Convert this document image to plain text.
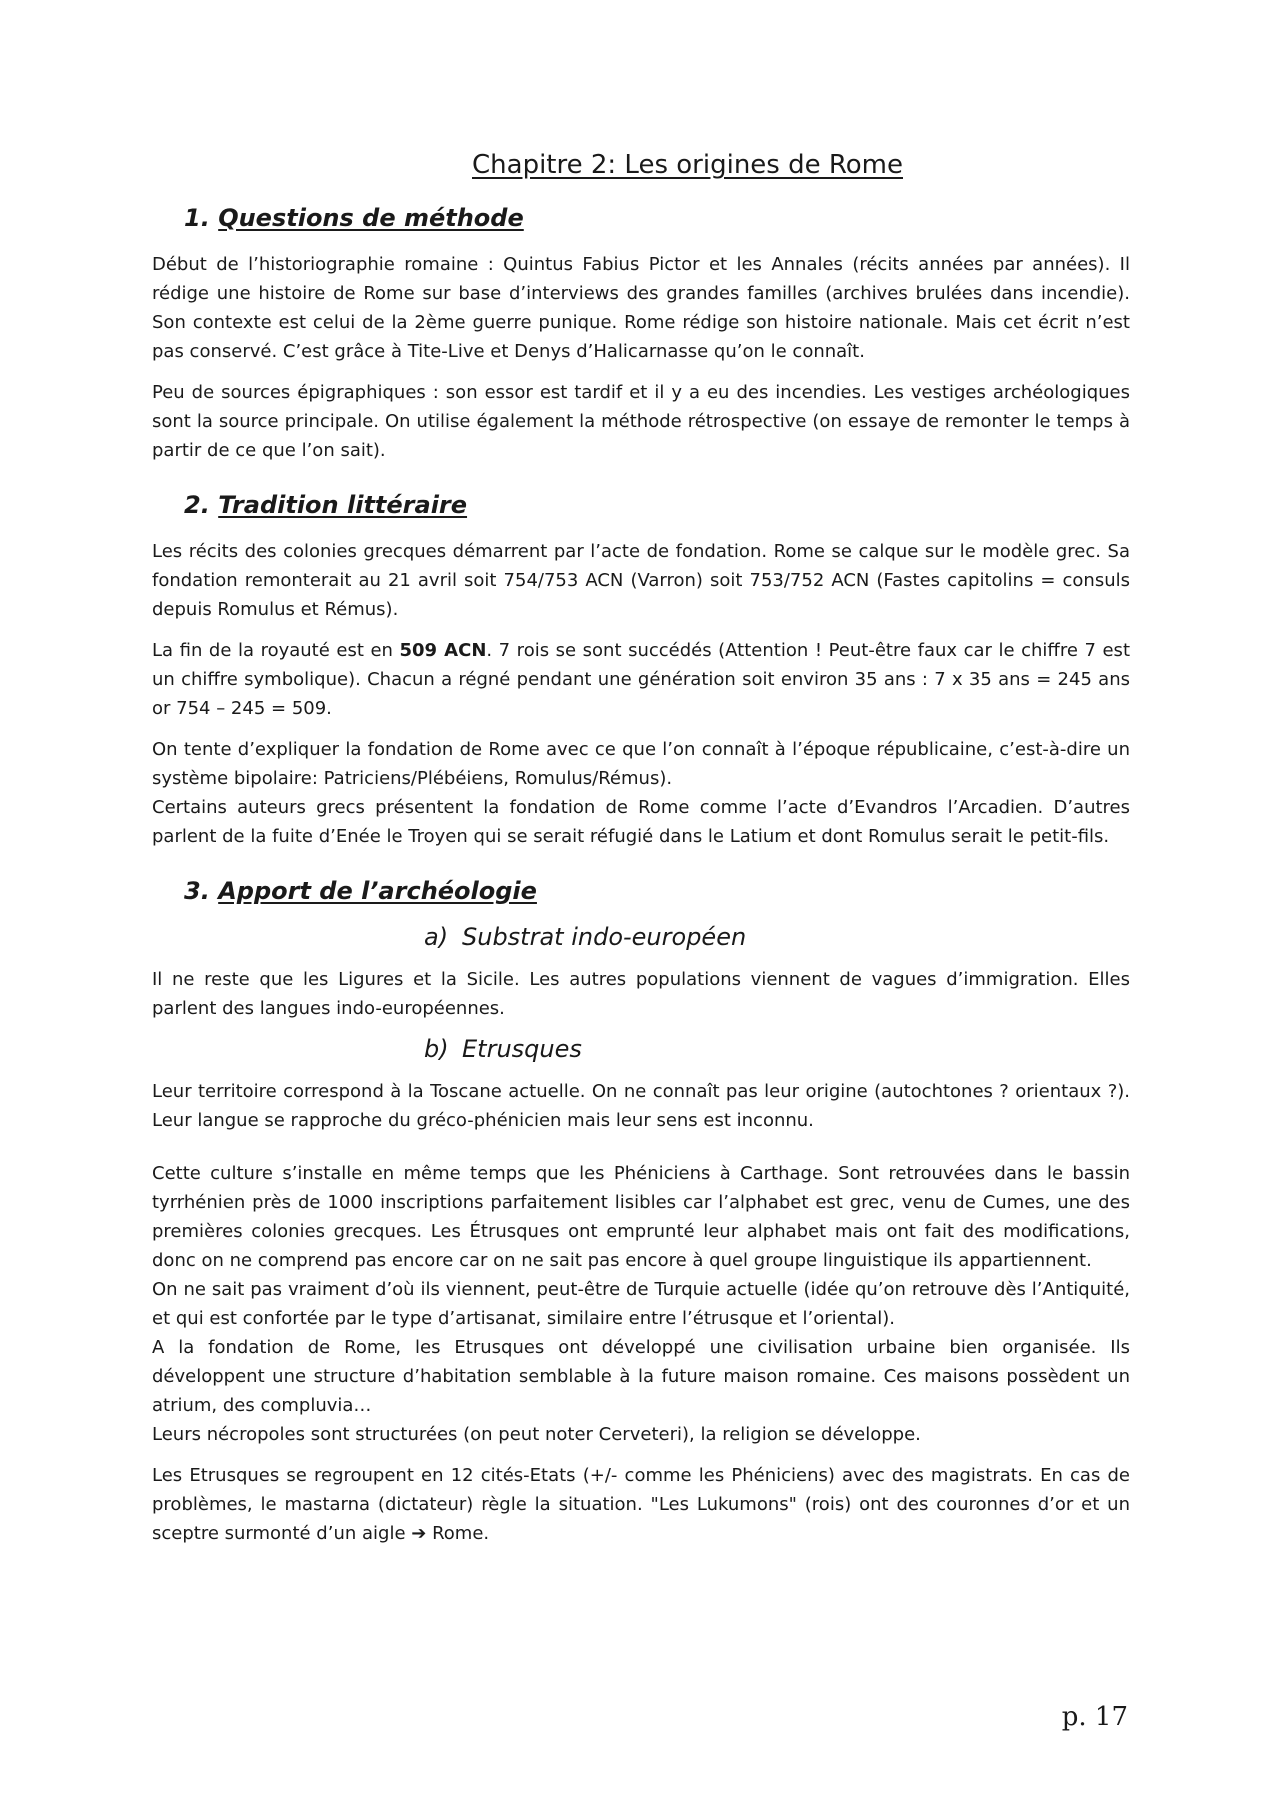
Chapitre 2: Les origines de Rome
1. Questions de méthode

Début de l’historiographie romaine : Quintus Fabius Pictor et les Annales (récits années par années). Il rédige une histoire de Rome sur base d’interviews des grandes familles (archives brulées dans incendie). Son contexte est celui de la 2ème guerre punique. Rome rédige son histoire nationale. Mais cet écrit n’est pas conservé. C’est grâce à Tite-Live et Denys d’Halicarnasse qu’on le connaît.

Peu de sources épigraphiques : son essor est tardif et il y a eu des incendies. Les vestiges archéologiques sont la source principale. On utilise également la méthode rétrospective (on essaye de remonter le temps à partir de ce que l’on sait).

2. Tradition littéraire

Les récits des colonies grecques démarrent par l’acte de fondation. Rome se calque sur le modèle grec. Sa fondation remonterait au 21 avril soit 754/753 ACN (Varron) soit 753/752 ACN (Fastes capitolins = consuls depuis Romulus et Rémus).

La fin de la royauté est en 509 ACN. 7 rois se sont succédés (Attention ! Peut-être faux car le chiffre 7 est un chiffre symbolique). Chacun a régné pendant une génération soit environ 35 ans : 7 x 35 ans = 245 ans or 754 – 245 = 509.

On tente d’expliquer la fondation de Rome avec ce que l’on connaît à l’époque républicaine, c’est-à-dire un système bipolaire: Patriciens/Plébéiens, Romulus/Rémus).

Certains auteurs grecs présentent la fondation de Rome comme l’acte d’Evandros l’Arcadien. D’autres parlent de la fuite d’Enée le Troyen qui se serait réfugié dans le Latium et dont Romulus serait le petit-fils.

3. Apport de l’archéologie
a) Substrat indo-européen

Il ne reste que les Ligures et la Sicile. Les autres populations viennent de vagues d’immigration. Elles parlent des langues indo-européennes.

b) Etrusques

Leur territoire correspond à la Toscane actuelle. On ne connaît pas leur origine (autochtones ? orientaux ?). Leur langue se rapproche du gréco-phénicien mais leur sens est inconnu.

Cette culture s’installe en même temps que les Phéniciens à Carthage. Sont retrouvées dans le bassin tyrrhénien près de 1000 inscriptions parfaitement lisibles car l’alphabet est grec, venu de Cumes, une des premières colonies grecques. Les Étrusques ont emprunté leur alphabet mais ont fait des modifications, donc on ne comprend pas encore car on ne sait pas encore à quel groupe linguistique ils appartiennent.

On ne sait pas vraiment d’où ils viennent, peut-être de Turquie actuelle (idée qu’on retrouve dès l’Antiquité, et qui est confortée par le type d’artisanat, similaire entre l’étrusque et l’oriental).

A la fondation de Rome, les Etrusques ont développé une civilisation urbaine bien organisée. Ils développent une structure d’habitation semblable à la future maison romaine. Ces maisons possèdent un atrium, des compluvia…

Leurs nécropoles sont structurées (on peut noter Cerveteri), la religion se développe.

Les Etrusques se regroupent en 12 cités-Etats (+/- comme les Phéniciens) avec des magistrats. En cas de problèmes, le mastarna (dictateur) règle la situation. "Les Lukumons" (rois) ont des couronnes d’or et un sceptre surmonté d’un aigle ➔ Rome.

p. 17
